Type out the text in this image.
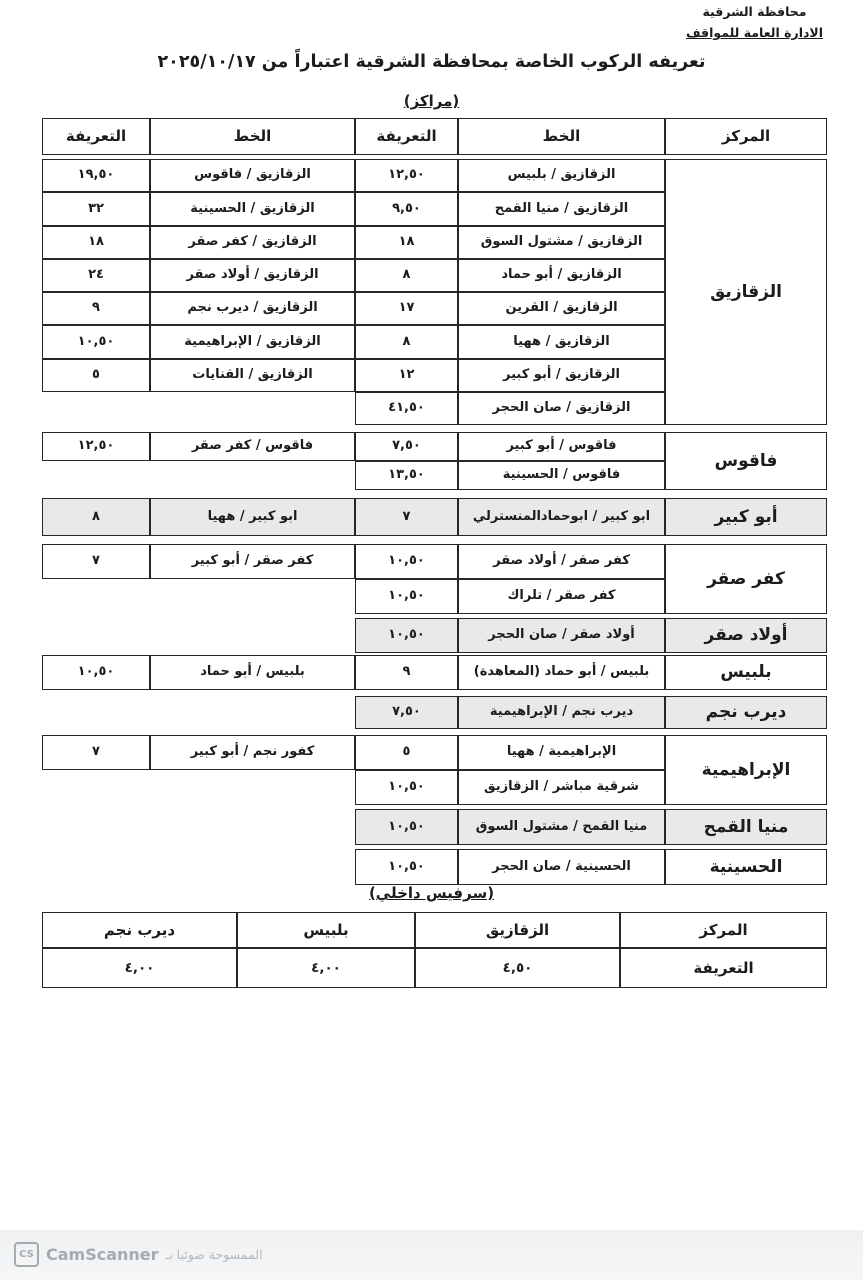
محافظة الشرقية
الادارة العامة للمواقف
تعريفه الركوب الخاصة بمحافظة الشرقية اعتباراً من ٢٠٢٥/١٠/١٧
(مراكز)
المركز
الخط
التعريفة
الخط
التعريفة
الزقازيق
الزقازيق / بلبيس
١٢,٥٠
الزقازيق / فاقوس
١٩,٥٠
الزقازيق / منيا القمح
٩,٥٠
الزقازيق / الحسينية
٣٢
الزقازيق / مشتول السوق
١٨
الزقازيق / كفر صقر
١٨
الزقازيق / أبو حماد
٨
الزقازيق / أولاد صقر
٢٤
الزقازيق / القرين
١٧
الزقازيق / ديرب نجم
٩
الزقازيق / ههيا
٨
الزقازيق / الإبراهيمية
١٠,٥٠
الزقازيق / أبو كبير
١٢
الزقازيق / القنايات
٥
الزقازيق / صان الحجر
٤١,٥٠
فاقوس
فاقوس / أبو كبير
٧,٥٠
فاقوس / كفر صقر
١٢,٥٠
فاقوس / الحسينية
١٣,٥٠
أبو كبير
ابو كبير / ابوحمادالمنسترلي
٧
ابو كبير / ههيا
٨
كفر صقر
كفر صقر / أولاد صقر
١٠,٥٠
كفر صقر / أبو كبير
٧
كفر صقر / تلراك
١٠,٥٠
أولاد صقر
أولاد صقر / صان الحجر
١٠,٥٠
بلبيس
بلبيس / أبو حماد (المعاهدة)
٩
بلبيس / أبو حماد
١٠,٥٠
ديرب نجم
ديرب نجم / الإبراهيمية
٧,٥٠
الإبراهيمية
الإبراهيمية / ههيا
٥
كفور نجم / أبو كبير
٧
شرقية مباشر / الزقازيق
١٠,٥٠
منيا القمح
منيا القمح / مشتول السوق
١٠,٥٠
الحسينية
الحسينية / صان الحجر
١٠,٥٠
(سرفيس داخلي)
المركز
الزقازيق
بلبيس
ديرب نجم
التعريفة
٤,٥٠
٤,٠٠
٤,٠٠
CS CamScanner الممسوحة ضوئيا بـ
